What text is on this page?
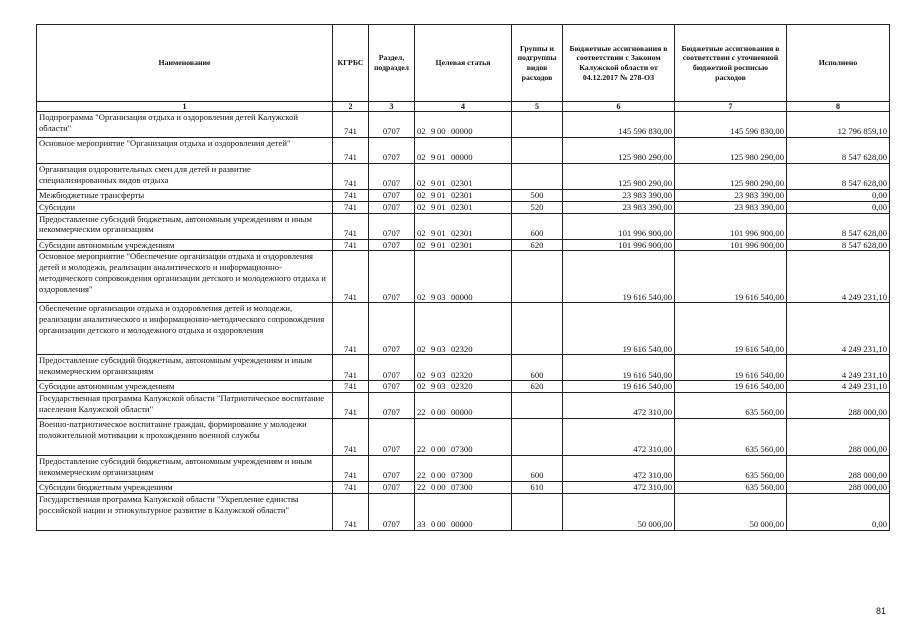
Наименование	КГРБС	Раздел, подраздел	Целевая статья	Группы и подгруппы видов расходов	Бюджетные ассигнования в соответствии с Законом Калужской области от 04.12.2017 № 278-ОЗ	Бюджетные ассигнования в соответствии с уточненной бюджетной росписью расходов	Исполнено
1	2	3	4	5	6	7	8
Подпрограмма "Организация отдыха и оздоровления детей Калужской области"	741	0707	02 9 00 00000		145 596 830,00	145 596 830,00	12 796 859,10
Основное мероприятие "Организация отдыха и оздоровления детей"	741	0707	02 9 01 00000		125 980 290,00	125 980 290,00	8 547 628,00
Организация оздоровительных смен для детей и развитие специализированных видов отдыха	741	0707	02 9 01 02301		125 980 290,00	125 980 290,00	8 547 628,00
Межбюджетные трансферты	741	0707	02 9 01 02301	500	23 983 390,00	23 983 390,00	0,00
Субсидии	741	0707	02 9 01 02301	520	23 983 390,00	23 983 390,00	0,00
Предоставление субсидий бюджетным, автономным учреждениям и иным некоммерческим организациям	741	0707	02 9 01 02301	600	101 996 900,00	101 996 900,00	8 547 628,00
Субсидии автономным учреждениям	741	0707	02 9 01 02301	620	101 996 900,00	101 996 900,00	8 547 628,00
Основное мероприятие "Обеспечение организации отдыха и оздоровления детей и молодежи, реализации аналитического и информационно-методического сопровождения организации детского и молодежного отдыха и оздоровления"	741	0707	02 9 03 00000		19 616 540,00	19 616 540,00	4 249 231,10
Обеспечение организации отдыха и оздоровления детей и молодежи, реализации аналитического и информационно-методического сопровождения организации детского и молодежного отдыха и оздоровления	741	0707	02 9 03 02320		19 616 540,00	19 616 540,00	4 249 231,10
Предоставление субсидий бюджетным, автономным учреждениям и иным некоммерческим организациям	741	0707	02 9 03 02320	600	19 616 540,00	19 616 540,00	4 249 231,10
Субсидии автономным учреждениям	741	0707	02 9 03 02320	620	19 616 540,00	19 616 540,00	4 249 231,10
Государственная программа Калужской области "Патриотическое воспитание населения Калужской области"	741	0707	22 0 00 00000		472 310,00	635 560,00	288 000,00
Военно-патриотическое воспитание граждан, формирование у молодежи положительной мотивации к прохождению военной службы	741	0707	22 0 00 07300		472 310,00	635 560,00	288 000,00
Предоставление субсидий бюджетным, автономным учреждениям и иным некоммерческим организациям	741	0707	22 0 00 07300	600	472 310,00	635 560,00	288 000,00
Субсидии бюджетным учреждениям	741	0707	22 0 00 07300	610	472 310,00	635 560,00	288 000,00
Государственная программа Калужской области "Укрепление единства российской нации и этнокультурное развитие в Калужской области"	741	0707	33 0 00 00000		50 000,00	50 000,00	0,00
81
